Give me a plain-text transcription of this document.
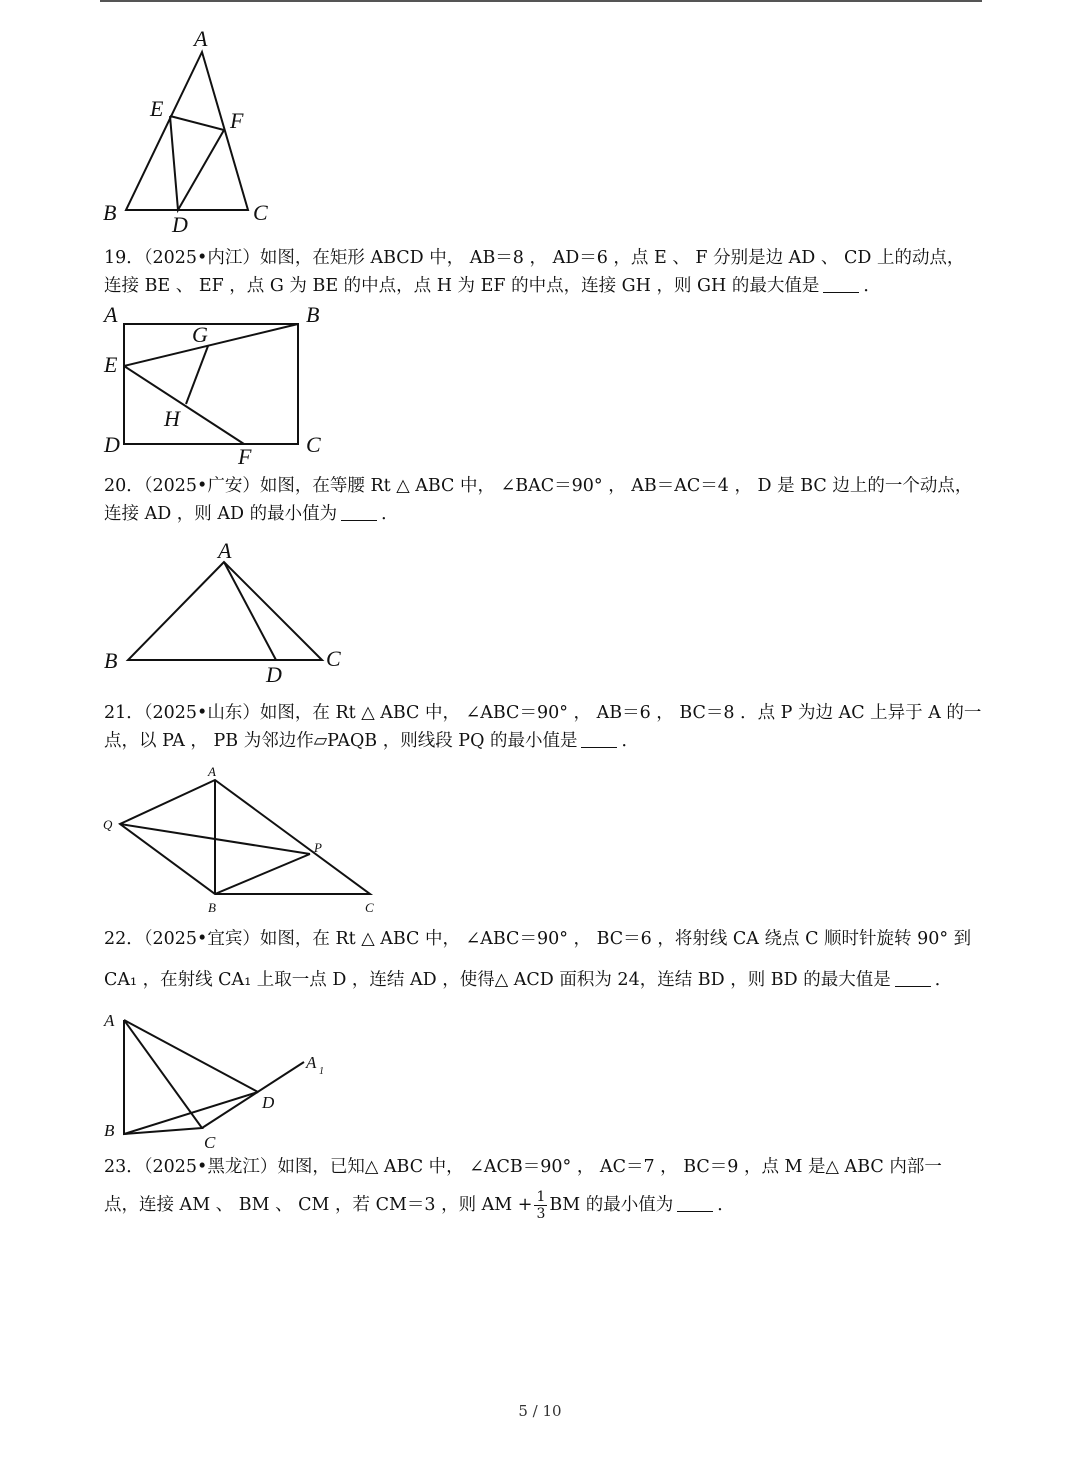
A
E	F
B	D	C

19．（2025•内江）如图，在矩形 ABCD 中， AB＝8 ， AD＝6 ，点 E 、 F 分别是边 AD 、 CD 上的动点，

连接 BE 、 EF ，点 G 为 BE 的中点，点 H 为 EF 的中点，连接 GH ，则 GH 的最大值是	．

A	B
G
E
H
D	F C

20．（2025•广安）如图，在等腰 Rt △ ABC 中， ∠BAC＝90° ， AB＝AC＝4 ， D 是 BC 边上的一个动点，

连接 AD ，则 AD 的最小值为	．

A
B
D
C

21．（2025•山东）如图，在 Rt △ ABC 中， ∠ABC＝90° ， AB＝6 ， BC＝8 ．点 P 为边 AC 上异于 A 的一

点，以 PA ， PB 为邻边作▱PAQB ，则线段 PQ 的最小值是	．

A
Q
P
B	C

22．（2025•宜宾）如图，在 Rt △ ABC 中， ∠ABC＝90° ， BC＝6 ，将射线 CA 绕点 C 顺时针旋转 90° 到

CA₁ ，在射线 CA₁ 上取一点 D ，连结 AD ，使得△ ACD 面积为 24，连结 BD ，则 BD 的最大值是	．

A
A 1
D
B
C

23．（2025•黑龙江）如图，已知△ ABC 中， ∠ACB＝90° ， AC＝7 ， BC＝9 ，点 M 是△ ABC 内部一

点，连接 AM 、 BM 、 CM ，若 CM＝3 ，则 AM + $\frac{1}{3}$ BM 的最小值为	．

5 / 10
